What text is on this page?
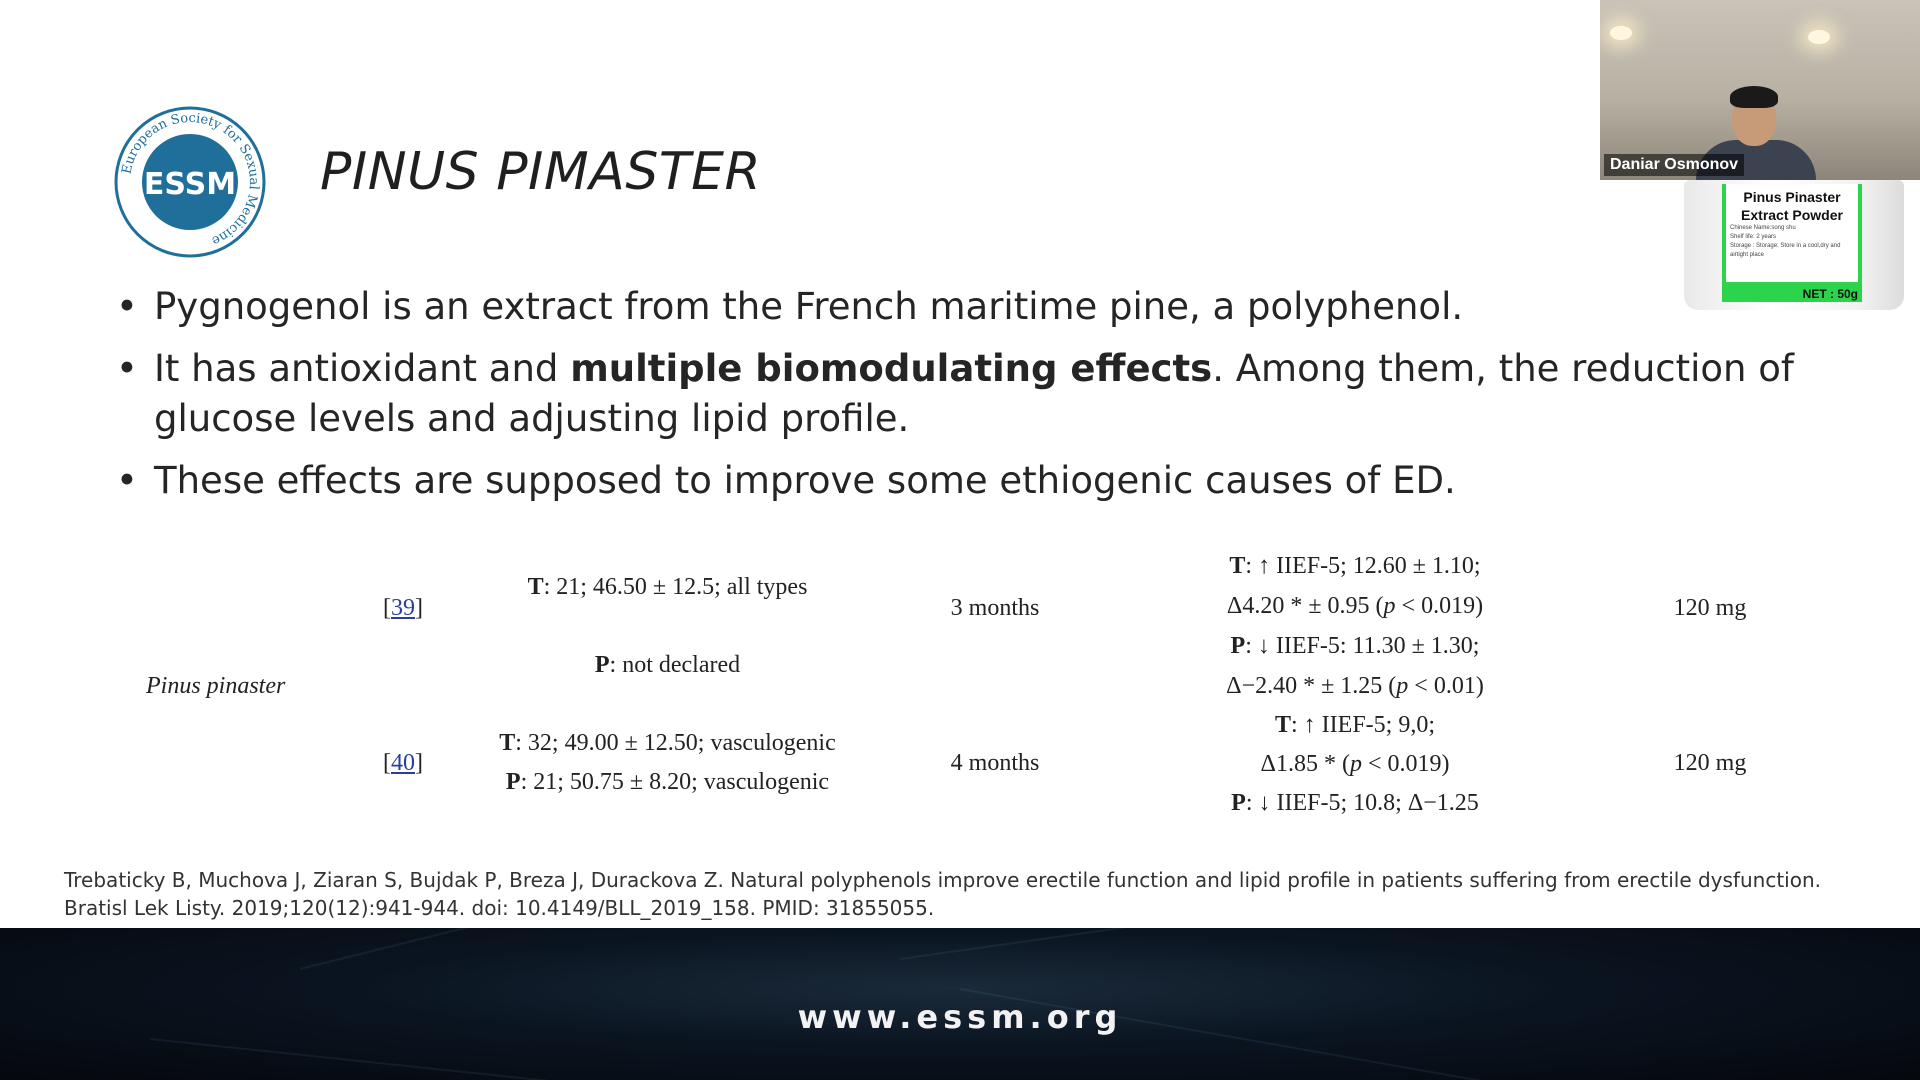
European Society for Sexual Medicine
ESSM PINUS PIMASTER
• Pygnogenol is an extract from the French maritime pine, a polyphenol.
• It has antioxidant and multiple biomodulating effects. Among them, the reduction of glucose levels and adjusting lipid profile.
• These effects are supposed to improve some ethiogenic causes of ED.
Pinus pinaster
[39]
T: 21; 46.50 ± 12.5; all types
P: not declared
3 months
T: ↑ IIEF-5; 12.60 ± 1.10;
Δ4.20 * ± 0.95 (p < 0.019)
P: ↓ IIEF-5: 11.30 ± 1.30;
Δ−2.40 * ± 1.25 (p < 0.01)
120 mg
[40]
T: 32; 49.00 ± 12.50; vasculogenic
P: 21; 50.75 ± 8.20; vasculogenic
4 months
T: ↑ IIEF-5; 9,0;
Δ1.85 * (p < 0.019)
P: ↓ IIEF-5; 10.8; Δ−1.25
120 mg
Trebaticky B, Muchova J, Ziaran S, Bujdak P, Breza J, Durackova Z. Natural polyphenols improve erectile function and lipid profile in patients suffering from erectile dysfunction. Bratisl Lek Listy. 2019;120(12):941-944. doi: 10.4149/BLL_2019_158. PMID: 31855055.
www.essm.org
Daniar Osmonov
Pinus Pinaster
Extract Powder
Chinese Name:song shu
Shelf life: 2 years
Storage : Storage: Store in a cool,dry and airtight place
NET : 50g
